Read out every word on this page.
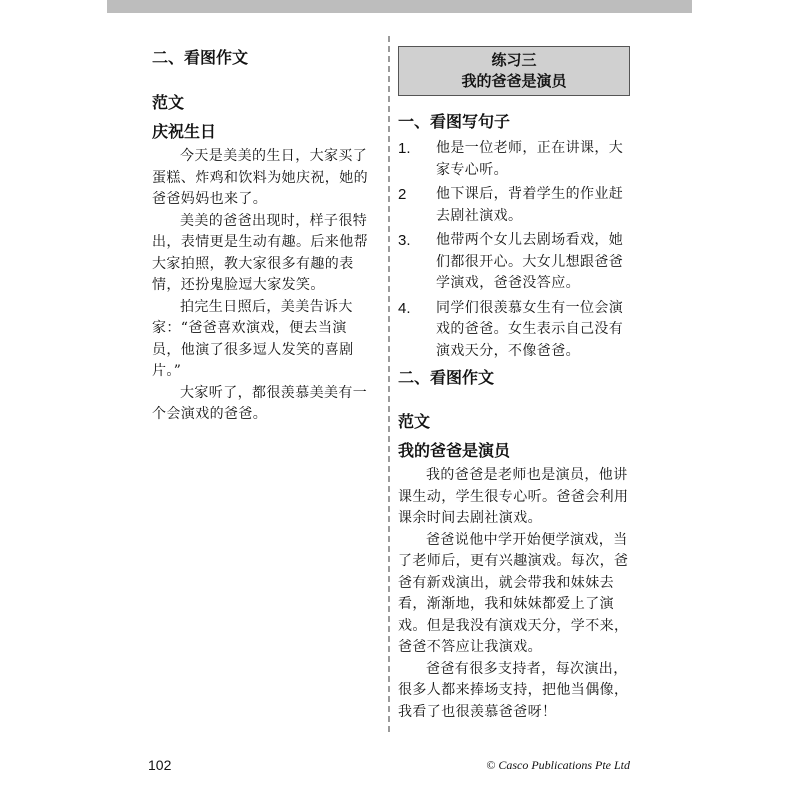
二、看图作文
范文
庆祝生日

今天是美美的生日，大家买了蛋糕、炸鸡和饮料为她庆祝，她的爸爸妈妈也来了。

美美的爸爸出现时，样子很特出，表情更是生动有趣。后来他帮大家拍照，教大家很多有趣的表情，还扮鬼脸逗大家发笑。

拍完生日照后，美美告诉大家：“爸爸喜欢演戏，便去当演员，他演了很多逗人发笑的喜剧片。”

大家听了，都很羡慕美美有一个会演戏的爸爸。

练习三
我的爸爸是演员
一、看图写句子
1. 他是一位老师，正在讲课，大家专心听。
2 他下课后，背着学生的作业赶去剧社演戏。
3. 他带两个女儿去剧场看戏，她们都很开心。大女儿想跟爸爸学演戏，爸爸没答应。
4. 同学们很羡慕女生有一位会演戏的爸爸。女生表示自己没有演戏天分，不像爸爸。
二、看图作文
范文
我的爸爸是演员

我的爸爸是老师也是演员，他讲课生动，学生很专心听。爸爸会利用课余时间去剧社演戏。

爸爸说他中学开始便学演戏，当了老师后，更有兴趣演戏。每次，爸爸有新戏演出，就会带我和妹妹去看，渐渐地，我和妹妹都爱上了演戏。但是我没有演戏天分，学不来，爸爸不答应让我演戏。

爸爸有很多支持者，每次演出，很多人都来捧场支持，把他当偶像，我看了也很羡慕爸爸呀！

102	© Casco Publications Pte Ltd
